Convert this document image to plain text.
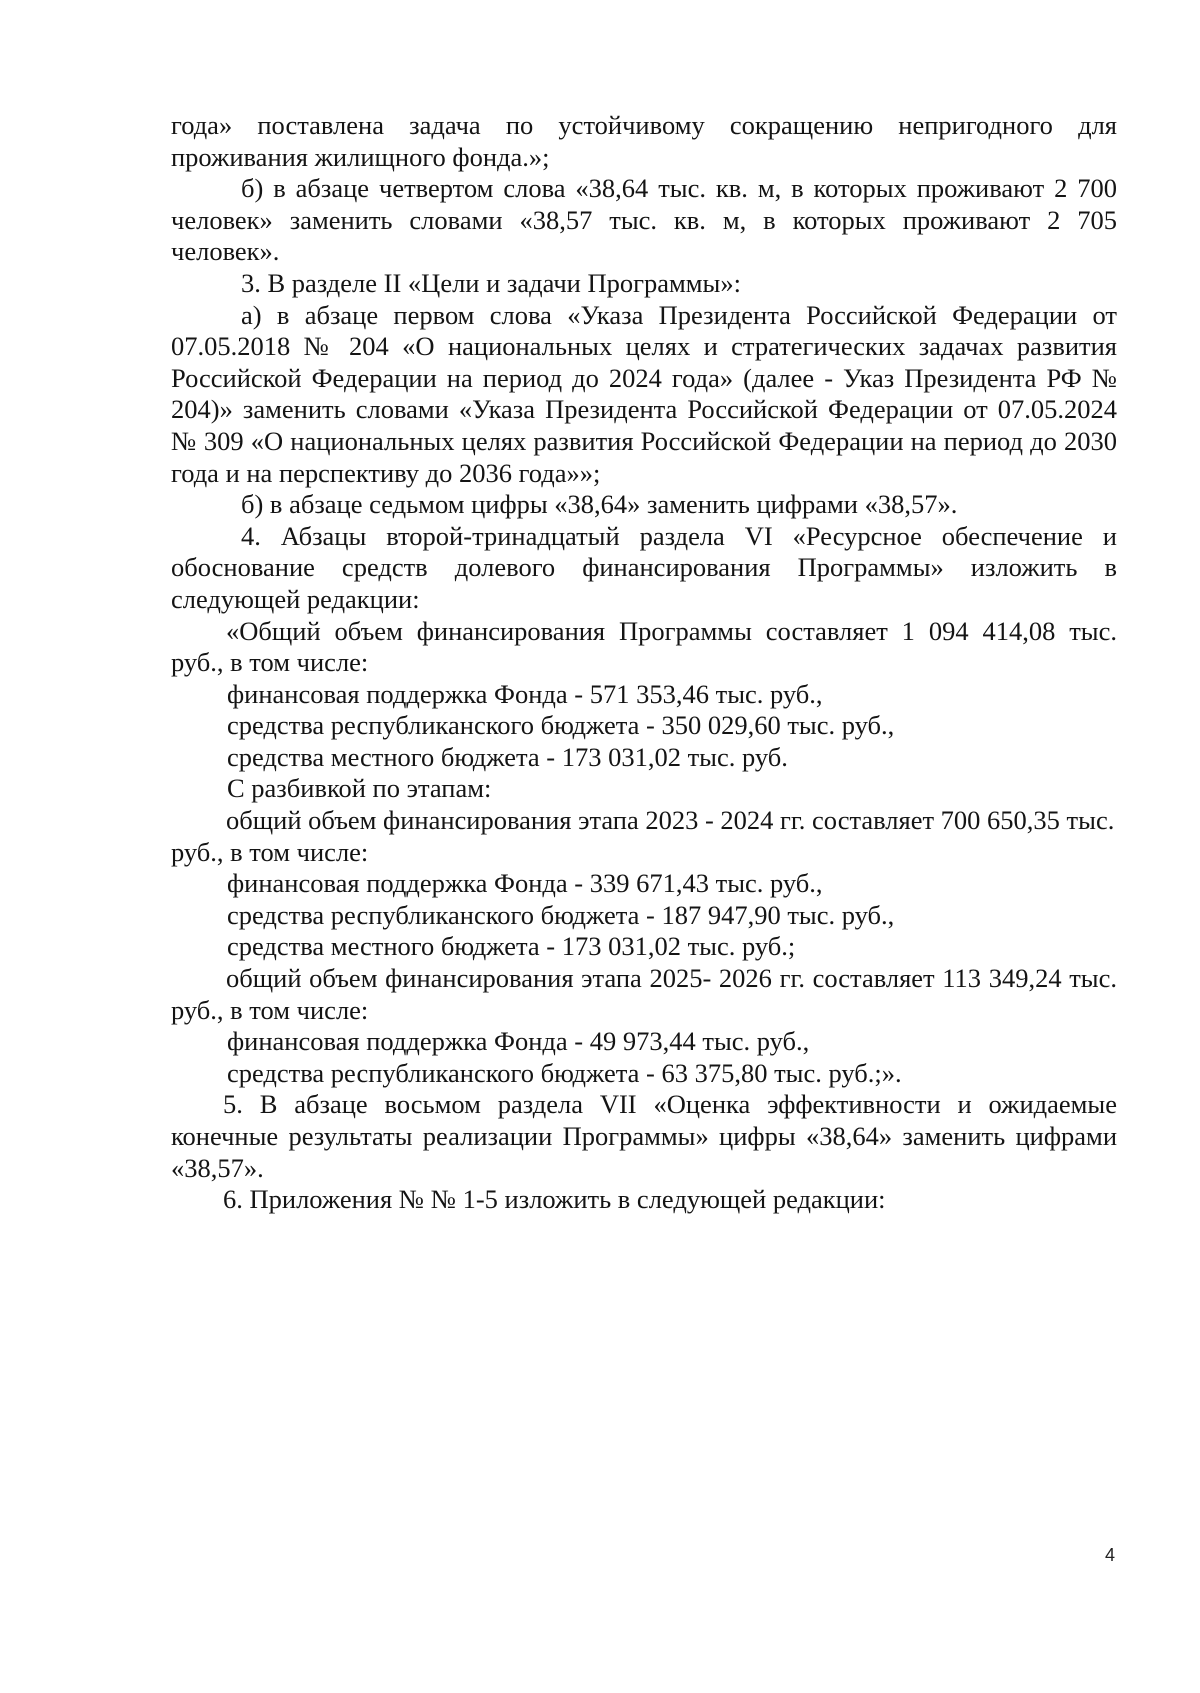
года» поставлена задача по устойчивому сокращению непригодного для проживания жилищного фонда.»;

б) в абзаце четвертом слова «38,64 тыс. кв. м, в которых проживают 2 700 человек» заменить словами «38,57 тыс. кв. м, в которых проживают 2 705 человек».

3. В разделе II «Цели и задачи Программы»:

а) в абзаце первом слова «Указа Президента Российской Федерации от 07.05.2018 № 204 «О национальных целях и стратегических задачах развития Российской Федерации на период до 2024 года» (далее - Указ Президента РФ № 204)» заменить словами «Указа Президента Российской Федерации от 07.05.2024 № 309 «О национальных целях развития Российской Федерации на период до 2030 года и на перспективу до 2036 года»»;

б) в абзаце седьмом цифры «38,64» заменить цифрами «38,57».

4. Абзацы второй-тринадцатый раздела VI «Ресурсное обеспечение и обоснование средств долевого финансирования Программы» изложить в следующей редакции:

«Общий объем финансирования Программы составляет 1 094 414,08 тыс. руб., в том числе:

финансовая поддержка Фонда - 571 353,46 тыс. руб.,

средства республиканского бюджета - 350 029,60 тыс. руб.,

средства местного бюджета - 173 031,02 тыс. руб.

С разбивкой по этапам:

общий объем финансирования этапа 2023 - 2024 гг. составляет 700 650,35 тыс. руб., в том числе:

финансовая поддержка Фонда - 339 671,43 тыс. руб.,

средства республиканского бюджета - 187 947,90 тыс. руб.,

средства местного бюджета - 173 031,02 тыс. руб.;

общий объем финансирования этапа 2025- 2026 гг. составляет 113 349,24 тыс. руб., в том числе:

финансовая поддержка Фонда - 49 973,44 тыс. руб.,

средства республиканского бюджета - 63 375,80 тыс. руб.;».

5. В абзаце восьмом раздела VII «Оценка эффективности и ожидаемые конечные результаты реализации Программы» цифры «38,64» заменить цифрами «38,57».

6. Приложения № № 1-5 изложить в следующей редакции:

4
